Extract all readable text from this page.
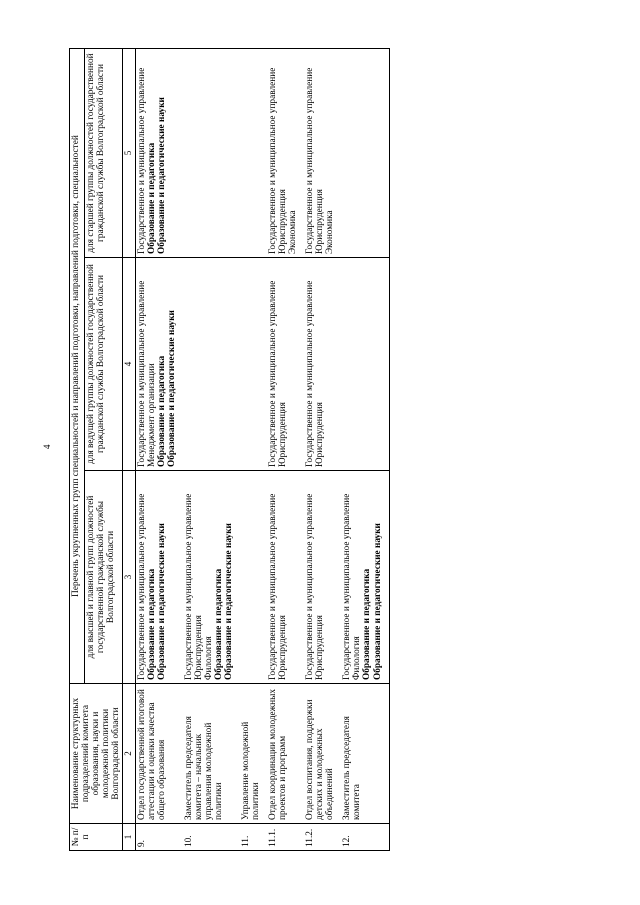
4
№ п/п	Наименование структурных подразделений комитета образования, науки и молодежной политики Волгоградской области	Перечень укрупненных групп специальностей и направлений подготовки, направлений подготовки, специальностей		
		для высшей и главной групп должностей государственной гражданской службы Волгоградской области	для ведущей группы должностей государственной гражданской службы Волгоградской области	для старшей группы должностей государственной гражданской службы Волгоградской области
1	2	3	4	5
9.	Отдел государственной итоговой аттестации и оценки качества общего образования	Государственное и муниципальное управление Образование и педагогика Образование и педагогические науки	Государственное и муниципальное управление Менеджмент организации Образование и педагогика Образование и педагогические науки	Государственное и муниципальное управление Образование и педагогика Образование и педагогические науки

10.	Заместитель председателя комитета – начальник управления молодежной политики	Государственное и муниципальное управление Юриспруденция Филология Образование и педагогика Образование и педагогические науки		

11.	Управление молодежной политики			
11.1.	Отдел координации молодежных проектов и программ	Государственное и муниципальное управление Юриспруденция	Государственное и муниципальное управление Юриспруденция	Государственное и муниципальное управление Юриспруденция Экономика

11.2.	Отдел воспитания, поддержки детских и молодежных объединений	Государственное и муниципальное управление Юриспруденция	Государственное и муниципальное управление Юриспруденция	Государственное и муниципальное управление Юриспруденция Экономика

12.	Заместитель председателя комитета	Государственное и муниципальное управление Филология Образование и педагогика Образование и педагогические науки		
